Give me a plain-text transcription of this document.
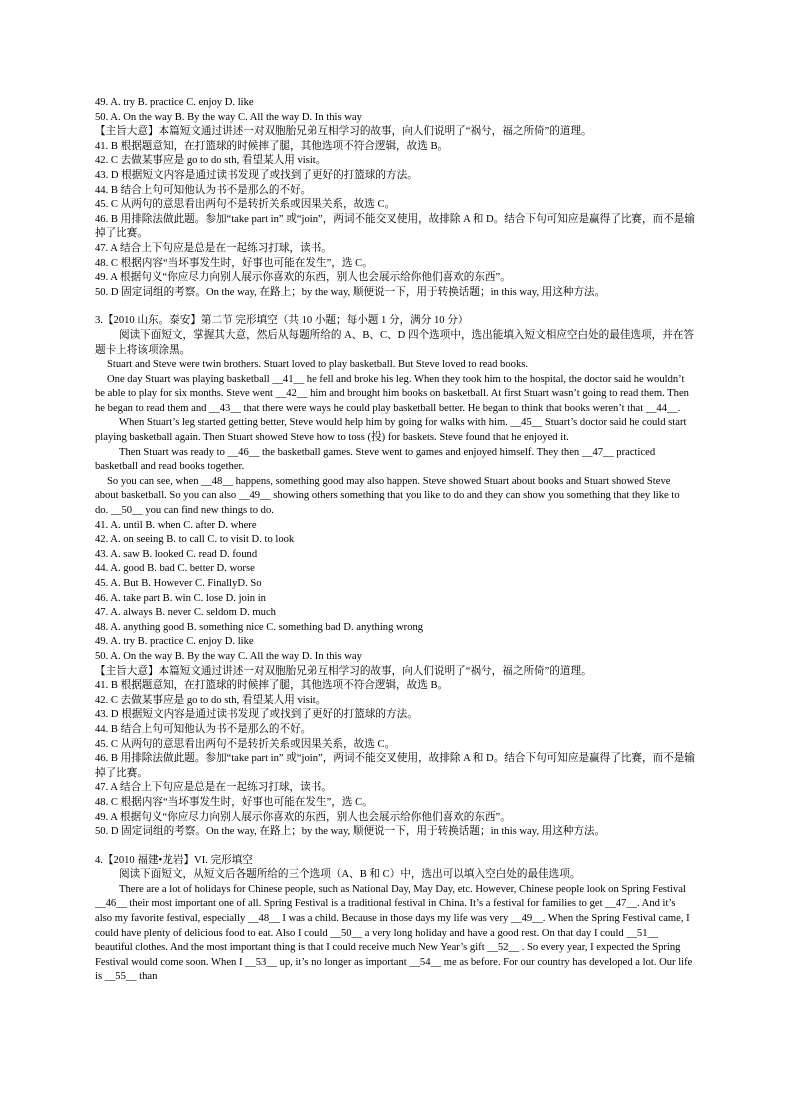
49. A. try B. practice C. enjoy D. like
50. A. On the way B. By the way C. All the way D. In this way
【主旨大意】本篇短文通过讲述一对双胞胎兄弟互相学习的故事，向人们说明了“祸兮，福之所倚”的道理。
41. B 根据题意知，在打篮球的时候摔了腿，其他选项不符合逻辑，故选 B。
42. C 去做某事应是 go to do sth, 看望某人用 visit。
43. D 根据短文内容是通过读书发现了或找到了更好的打篮球的方法。
44. B 结合上句可知他认为书不是那么的不好。
45. C 从两句的意思看出两句不是转折关系或因果关系，故选 C。
46. B 用排除法做此题。参加“take part in” 或“join”，两词不能交叉使用，故排除 A 和 D。结合下句可知应是赢得了比赛，而不是输掉了比赛。
47. A 结合上下句应是总是在一起练习打球，读书。
48. C 根据内容“当坏事发生时，好事也可能在发生”，选 C。
49. A 根据句义“你应尽力向别人展示你喜欢的东西，别人也会展示给你他们喜欢的东西”。
50. D 固定词组的考察。On the way, 在路上；by the way, 顺便说一下，用于转换话题；in this way, 用这种方法。
3.【2010 山东。泰安】第二节 完形填空（共 10 小题；每小题 1 分，满分 10 分）
阅读下面短文，掌握其大意，然后从每题所给的 A、B、C、D 四个选项中，选出能填入短文相应空白处的最佳选项，并在答题卡上将该项涂黑。
Stuart and Steve were twin brothers. Stuart loved to play basketball. But Steve loved to read books.
One day Stuart was playing basketball __41__ he fell and broke his leg. When they took him to the hospital, the doctor said he wouldn’t be able to play for six months. Steve went __42__ him and brought him books on basketball. At first Stuart wasn’t going to read them. Then he began to read them and __43__ that there were ways he could play basketball better. He began to think that books weren’t that __44__.
When Stuart’s leg started getting better, Steve would help him by going for walks with him. __45__ Stuart’s doctor said he could start playing basketball again. Then Stuart showed Steve how to toss (投) for baskets. Steve found that he enjoyed it.
Then Stuart was ready to __46__ the basketball games. Steve went to games and enjoyed himself. They then __47__ practiced basketball and read books together.
So you can see, when __48__ happens, something good may also happen. Steve showed Stuart about books and Stuart showed Steve about basketball. So you can also __49__ showing others something that you like to do and they can show you something that they like to do. __50__ you can find new things to do.
41. A. until B. when C. after D. where
42. A. on seeing B. to call C. to visit D. to look
43. A. saw B. looked C. read D. found
44. A. good B. bad C. better D. worse
45. A. But B. However C. FinallyD. So
46. A. take part B. win C. lose D. join in
47. A. always B. never C. seldom D. much
48. A. anything good B. something nice C. something bad D. anything wrong
49. A. try B. practice C. enjoy D. like
50. A. On the way B. By the way C. All the way D. In this way
【主旨大意】本篇短文通过讲述一对双胞胎兄弟互相学习的故事，向人们说明了“祸兮，福之所倚”的道理。
41. B 根据题意知，在打篮球的时候摔了腿，其他选项不符合逻辑，故选 B。
42. C 去做某事应是 go to do sth, 看望某人用 visit。
43. D 根据短文内容是通过读书发现了或找到了更好的打篮球的方法。
44. B 结合上句可知他认为书不是那么的不好。
45. C 从两句的意思看出两句不是转折关系或因果关系，故选 C。
46. B 用排除法做此题。参加“take part in” 或“join”，两词不能交叉使用，故排除 A 和 D。结合下句可知应是赢得了比赛，而不是输掉了比赛。
47. A 结合上下句应是总是在一起练习打球，读书。
48. C 根据内容“当坏事发生时，好事也可能在发生”，选 C。
49. A 根据句义“你应尽力向别人展示你喜欢的东西，别人也会展示给你他们喜欢的东西”。
50. D 固定词组的考察。On the way, 在路上；by the way, 顺便说一下，用于转换话题；in this way, 用这种方法。
4.【2010 福建•龙岩】VI. 完形填空
阅读下面短文，从短文后各题所给的三个选项（A、B 和 C）中，选出可以填入空白处的最佳选项。
There are a lot of holidays for Chinese people, such as National Day, May Day, etc. However, Chinese people look on Spring Festival __46__ their most important one of all. Spring Festival is a traditional festival in China. It’s a festival for families to get __47__. And it’s also my favorite festival, especially __48__ I was a child. Because in those days my life was very __49__. When the Spring Festival came, I could have plenty of delicious food to eat. Also I could __50__ a very long holiday and have a good rest. On that day I could __51__ beautiful clothes. And the most important thing is that I could receive much New Year’s gift __52__ . So every year, I expected the Spring Festival would come soon. When I __53__ up, it’s no longer as important __54__ me as before. For our country has developed a lot. Our life is __55__ than
